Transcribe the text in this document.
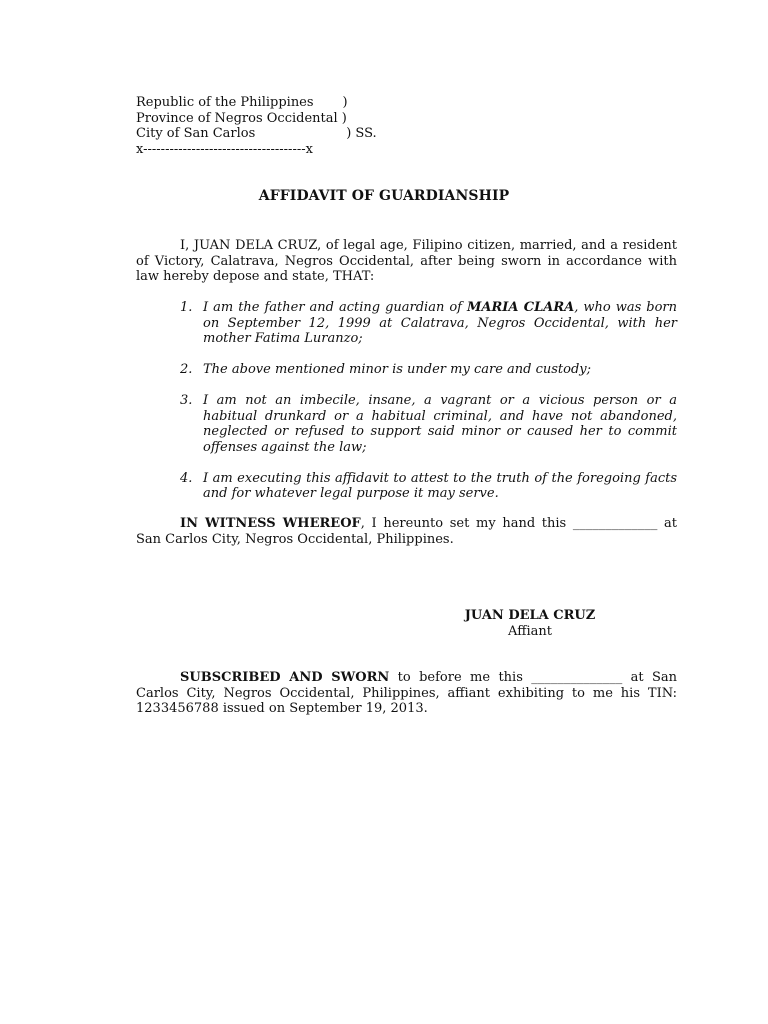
Republic of the Philippines       )
Province of Negros Occidental )
City of San Carlos                      ) SS.
x-------------------------------------x
AFFIDAVIT OF GUARDIANSHIP

I, JUAN DELA CRUZ, of legal age, Filipino citizen, married, and a resident of Victory, Calatrava, Negros Occidental, after being sworn in accordance with law hereby depose and state, THAT:

1. I am the father and acting guardian of MARIA CLARA, who was born on September 12, 1999 at Calatrava, Negros Occidental, with her mother Fatima Luranzo;
2. The above mentioned minor is under my care and custody;
3. I am not an imbecile, insane, a vagrant or a vicious person or a habitual drunkard or a habitual criminal, and have not abandoned, neglected or refused to support said minor or caused her to commit offenses against the law;
4. I am executing this affidavit to attest to the truth of the foregoing facts and for whatever legal purpose it may serve.

IN WITNESS WHEREOF, I hereunto set my hand this _____________ at San Carlos City, Negros Occidental, Philippines.

JUAN DELA CRUZ
Affiant

SUBSCRIBED AND SWORN to before me this ______________ at San Carlos City, Negros Occidental, Philippines, affiant exhibiting to me his TIN: 1233456788 issued on September 19, 2013.
